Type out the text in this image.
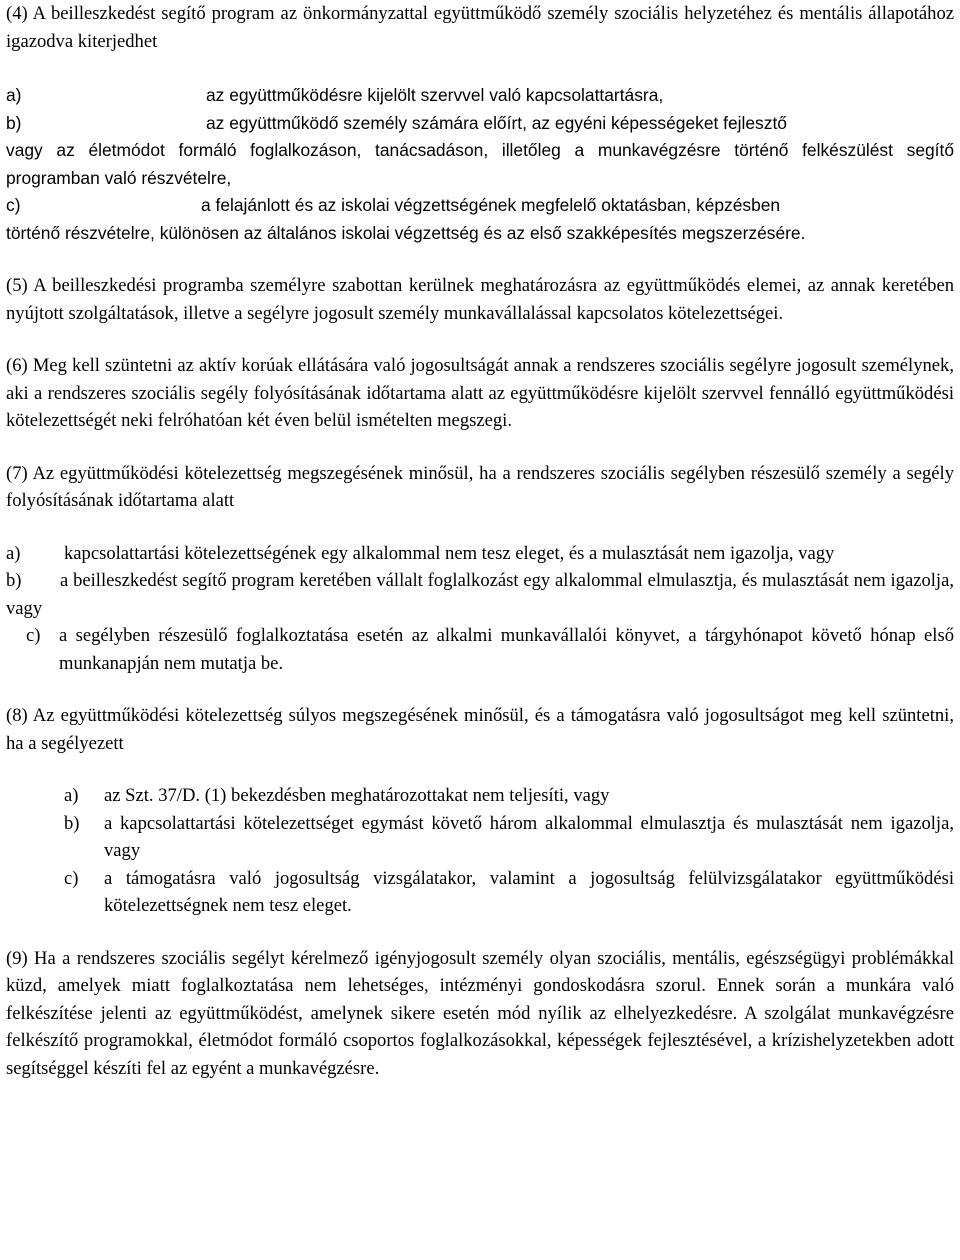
(4) A beilleszkedést segítő program az önkormányzattal együttműködő személy szociális helyzetéhez és mentális állapotához igazodva kiterjedhet

a)	az együttműködésre kijelölt szervvel való kapcsolattartásra,

b)	az együttműködő személy számára előírt, az egyéni képességeket fejlesztő

vagy az életmódot formáló foglalkozáson, tanácsadáson, illetőleg a munkavégzésre történő felkészülést segítő programban való részvételre,

c)	a felajánlott és az iskolai végzettségének megfelelő oktatásban, képzésben

történő részvételre, különösen az általános iskolai végzettség és az első szakképesítés megszerzésére.

(5) A beilleszkedési programba személyre szabottan kerülnek meghatározásra az együttműködés elemei, az annak keretében nyújtott szolgáltatások, illetve a segélyre jogosult személy munkavállalással kapcsolatos kötelezettségei.

(6) Meg kell szüntetni az aktív korúak ellátására való jogosultságát annak a rendszeres szociális segélyre jogosult személynek, aki a rendszeres szociális segély folyósításának időtartama alatt az együttműködésre kijelölt szervvel fennálló együttműködési kötelezettségét neki felróhatóan két éven belül ismételten megszegi.

(7) Az együttműködési kötelezettség megszegésének minősül, ha a rendszeres szociális segélyben részesülő személy a segély folyósításának időtartama alatt

a) kapcsolattartási kötelezettségének egy alkalommal nem tesz eleget, és a mulasztását nem igazolja, vagy

b) a beilleszkedést segítő program keretében vállalt foglalkozást egy alkalommal elmulasztja, és mulasztását nem igazolja, vagy

c) a segélyben részesülő foglalkoztatása esetén az alkalmi munkavállalói könyvet, a tárgyhónapot követő hónap első munkanapján nem mutatja be.

(8) Az együttműködési kötelezettség súlyos megszegésének minősül, és a támogatásra való jogosultságot meg kell szüntetni, ha a segélyezett

a)	az Szt. 37/D. (1) bekezdésben meghatározottakat nem teljesíti, vagy
b)	a kapcsolattartási kötelezettséget egymást követő három alkalommal elmulasztja és mulasztását nem igazolja, vagy
c)	a támogatásra való jogosultság vizsgálatakor, valamint a jogosultság felülvizsgálatakor együttműködési kötelezettségnek nem tesz eleget.

(9) Ha a rendszeres szociális segélyt kérelmező igényjogosult személy olyan szociális, mentális, egészségügyi problémákkal küzd, amelyek miatt foglalkoztatása nem lehetséges, intézményi gondoskodásra szorul. Ennek során a munkára való felkészítése jelenti az együttműködést, amelynek sikere esetén mód nyílik az elhelyezkedésre. A szolgálat munkavégzésre felkészítő programokkal, életmódot formáló csoportos foglalkozásokkal, képességek fejlesztésével, a krízishelyzetekben adott segítséggel készíti fel az egyént a munkavégzésre.
